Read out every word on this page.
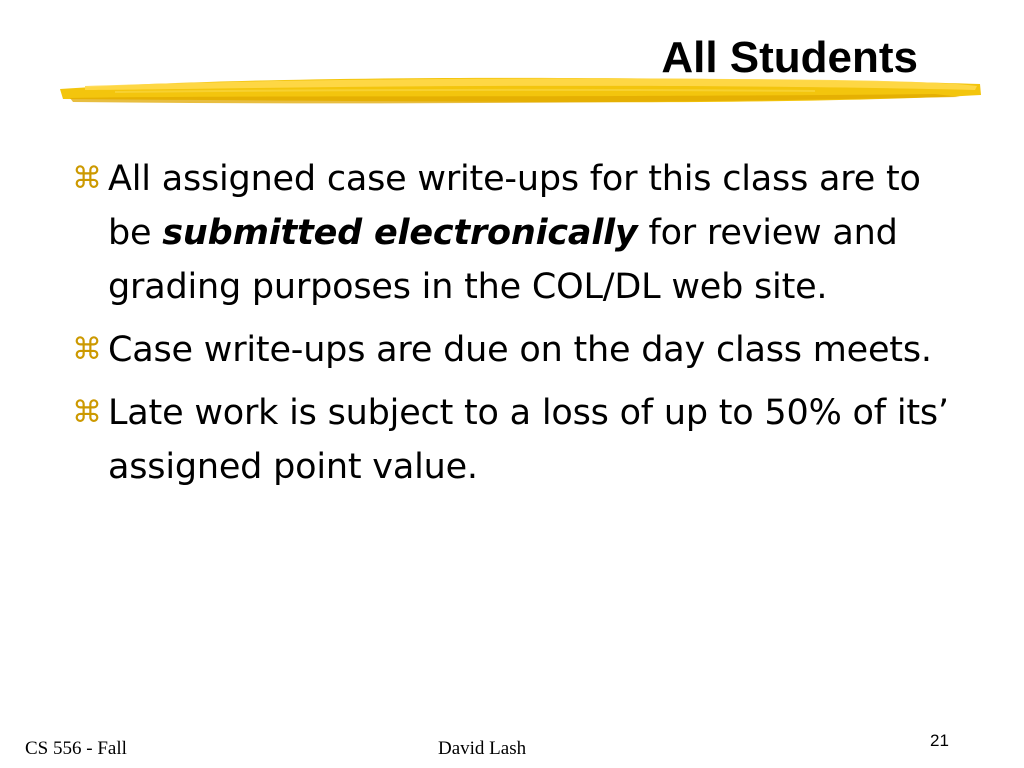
All Students
⌘ All assigned case write-ups for this class are to be submitted electronically for review and grading purposes in the COL/DL web site.
⌘ Case write-ups are due on the day class meets.
⌘ Late work is subject to a loss of up to 50% of its’ assigned point value.
CS 556 - Fall	David Lash	21
